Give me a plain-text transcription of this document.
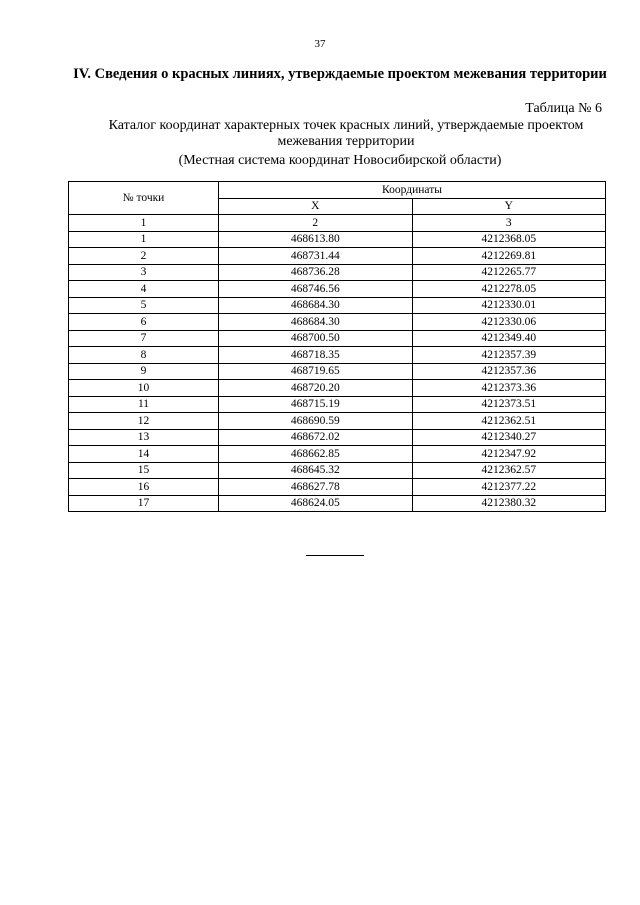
37
IV. Сведения о красных линиях, утверждаемые проектом межевания территории
Таблица № 6
Каталог координат характерных точек красных линий, утверждаемые проектом межевания территории
(Местная система координат Новосибирской области)
№ точки	Координаты	
	X	Y
1	2	3
1	468613.80	4212368.05
2	468731.44	4212269.81
3	468736.28	4212265.77
4	468746.56	4212278.05
5	468684.30	4212330.01
6	468684.30	4212330.06
7	468700.50	4212349.40
8	468718.35	4212357.39
9	468719.65	4212357.36
10	468720.20	4212373.36
11	468715.19	4212373.51
12	468690.59	4212362.51
13	468672.02	4212340.27
14	468662.85	4212347.92
15	468645.32	4212362.57
16	468627.78	4212377.22
17	468624.05	4212380.32
